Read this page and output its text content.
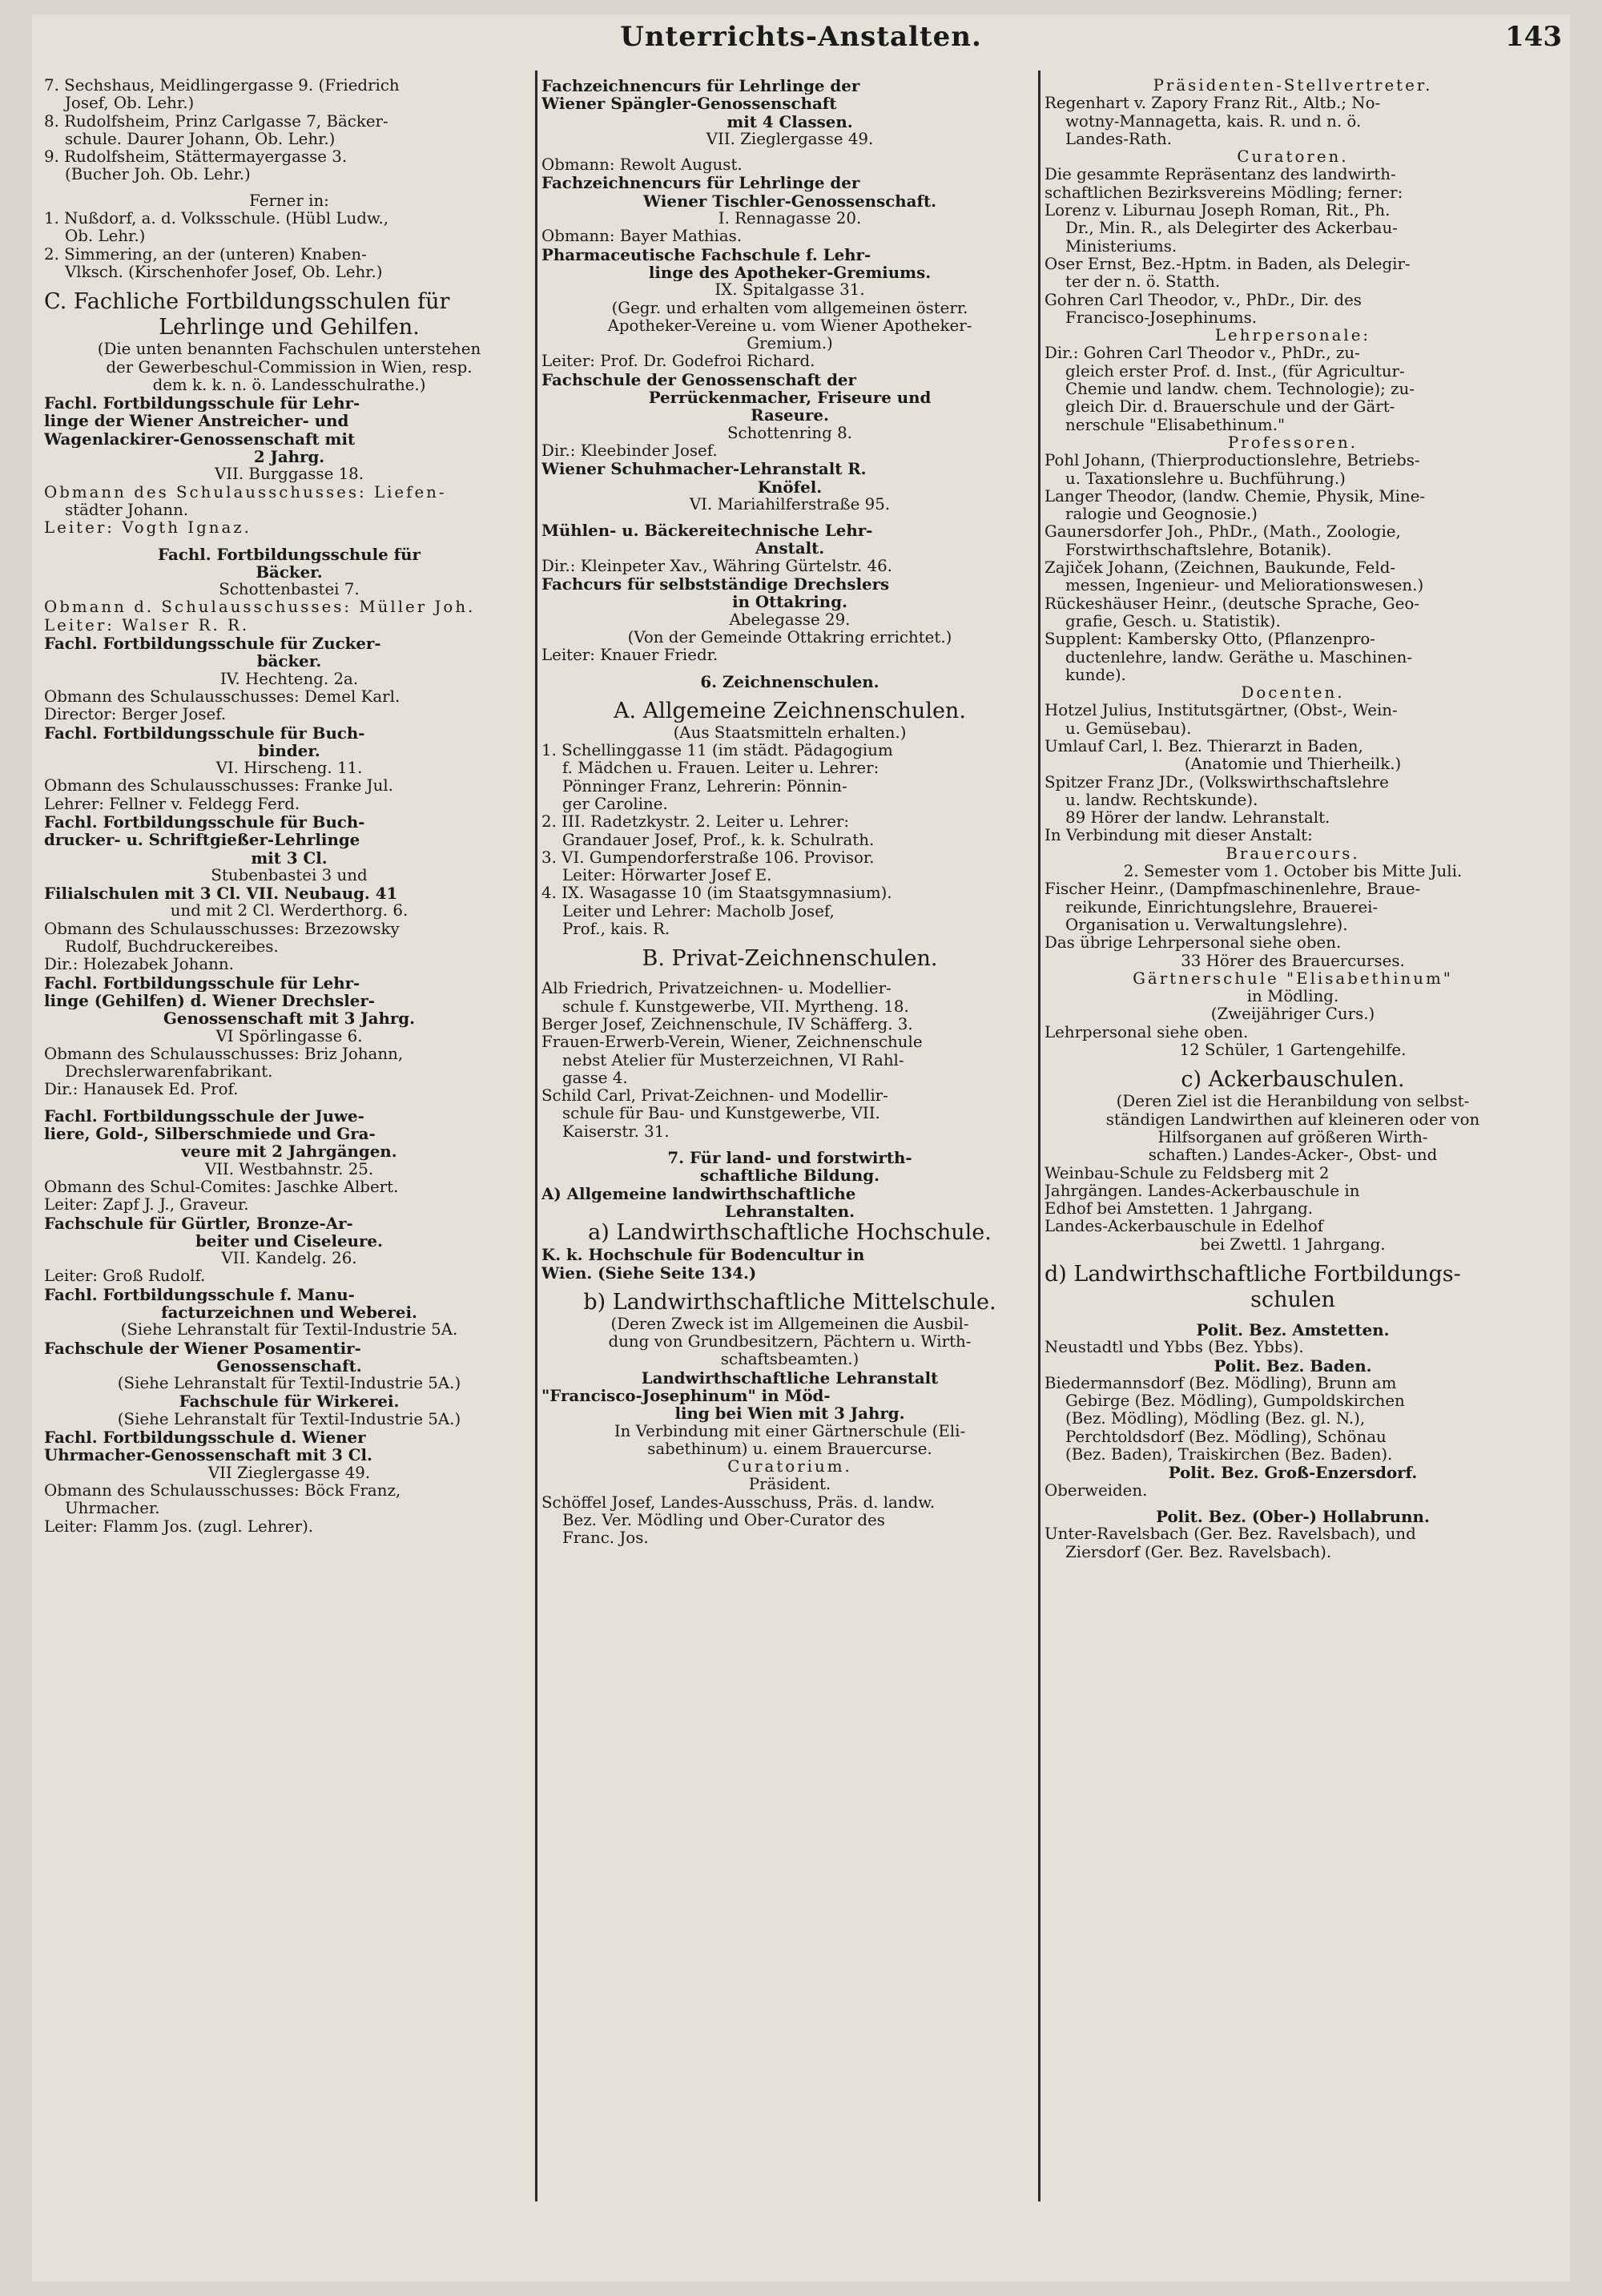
Unterrichts-Anstalten.	143
7. Sechshaus, Meidlingergasse 9. (Friedrich
Josef, Ob. Lehr.)
8. Rudolfsheim, Prinz Carlgasse 7, Bäcker-
schule. Daurer Johann, Ob. Lehr.)
9. Rudolfsheim, Stättermayergasse 3.
(Bucher Joh. Ob. Lehr.)
Ferner in:
1. Nußdorf, a. d. Volksschule. (Hübl Ludw.,
Ob. Lehr.)
2. Simmering, an der (unteren) Knaben-
Vlksch. (Kirschenhofer Josef, Ob. Lehr.)
C. Fachliche Fortbildungsschulen für
Lehrlinge und Gehilfen.
(Die unten benannten Fachschulen unterstehen
der Gewerbeschul-Commission in Wien, resp.
dem k. k. n. ö. Landesschulrathe.)
Fachl. Fortbildungsschule für Lehr-
linge der Wiener Anstreicher- und
Wagenlackirer-Genossenschaft mit
2 Jahrg.
VII. Burggasse 18.
Obmann des Schulausschusses: Liefen-
städter Johann.
Leiter: Vogth Ignaz.
Fachl. Fortbildungsschule für
Bäcker.
Schottenbastei 7.
Obmann d. Schulausschusses: Müller Joh.
Leiter: Walser R. R.
Fachl. Fortbildungsschule für Zucker-
bäcker.
IV. Hechteng. 2a.
Obmann des Schulausschusses: Demel Karl.
Director: Berger Josef.
Fachl. Fortbildungsschule für Buch-
binder.
VI. Hirscheng. 11.
Obmann des Schulausschusses: Franke Jul.
Lehrer: Fellner v. Feldegg Ferd.
Fachl. Fortbildungsschule für Buch-
drucker- u. Schriftgießer-Lehrlinge
mit 3 Cl.
Stubenbastei 3 und
Filialschulen mit 3 Cl. VII. Neubaug. 41
und mit 2 Cl. Werderthorg. 6.
Obmann des Schulausschusses: Brzezowsky
Rudolf, Buchdruckereibes.
Dir.: Holezabek Johann.
Fachl. Fortbildungsschule für Lehr-
linge (Gehilfen) d. Wiener Drechsler-
Genossenschaft mit 3 Jahrg.
VI Spörlingasse 6.
Obmann des Schulausschusses: Briz Johann,
Drechslerwarenfabrikant.
Dir.: Hanausek Ed. Prof.
Fachl. Fortbildungsschule der Juwe-
liere, Gold-, Silberschmiede und Gra-
veure mit 2 Jahrgängen.
VII. Westbahnstr. 25.
Obmann des Schul-Comites: Jaschke Albert.
Leiter: Zapf J. J., Graveur.
Fachschule für Gürtler, Bronze-Ar-
beiter und Ciseleure.
VII. Kandelg. 26.
Leiter: Groß Rudolf.
Fachl. Fortbildungsschule f. Manu-
facturzeichnen und Weberei.
(Siehe Lehranstalt für Textil-Industrie 5A.
Fachschule der Wiener Posamentir-
Genossenschaft.
(Siehe Lehranstalt für Textil-Industrie 5A.)
Fachschule für Wirkerei.
(Siehe Lehranstalt für Textil-Industrie 5A.)
Fachl. Fortbildungsschule d. Wiener
Uhrmacher-Genossenschaft mit 3 Cl.
VII Zieglergasse 49.
Obmann des Schulausschusses: Böck Franz,
Uhrmacher.
Leiter: Flamm Jos. (zugl. Lehrer).
Fachzeichnencurs für Lehrlinge der
Wiener Spängler-Genossenschaft
mit 4 Classen.
VII. Zieglergasse 49.
Obmann: Rewolt August.
Fachzeichnencurs für Lehrlinge der
Wiener Tischler-Genossenschaft.
I. Rennagasse 20.
Obmann: Bayer Mathias.
Pharmaceutische Fachschule f. Lehr-
linge des Apotheker-Gremiums.
IX. Spitalgasse 31.
(Gegr. und erhalten vom allgemeinen österr.
Apotheker-Vereine u. vom Wiener Apotheker-
Gremium.)
Leiter: Prof. Dr. Godefroi Richard.
Fachschule der Genossenschaft der
Perrückenmacher, Friseure und
Raseure.
Schottenring 8.
Dir.: Kleebinder Josef.
Wiener Schuhmacher-Lehranstalt R.
Knöfel.
VI. Mariahilferstraße 95.
Mühlen- u. Bäckereitechnische Lehr-
Anstalt.
Dir.: Kleinpeter Xav., Währing Gürtelstr. 46.
Fachcurs für selbstständige Drechslers
in Ottakring.
Abelegasse 29.
(Von der Gemeinde Ottakring errichtet.)
Leiter: Knauer Friedr.
6. Zeichnenschulen.
A. Allgemeine Zeichnenschulen.
(Aus Staatsmitteln erhalten.)
1. Schellinggasse 11 (im städt. Pädagogium
f. Mädchen u. Frauen. Leiter u. Lehrer:
Pönninger Franz, Lehrerin: Pönnin-
ger Caroline.
2. III. Radetzkystr. 2. Leiter u. Lehrer:
Grandauer Josef, Prof., k. k. Schulrath.
3. VI. Gumpendorferstraße 106. Provisor.
Leiter: Hörwarter Josef E.
4. IX. Wasagasse 10 (im Staatsgymnasium).
Leiter und Lehrer: Macholb Josef,
Prof., kais. R.
B. Privat-Zeichnenschulen.
Alb Friedrich, Privatzeichnen- u. Modellier-
schule f. Kunstgewerbe, VII. Myrtheng. 18.
Berger Josef, Zeichnenschule, IV Schäfferg. 3.
Frauen-Erwerb-Verein, Wiener, Zeichnenschule
nebst Atelier für Musterzeichnen, VI Rahl-
gasse 4.
Schild Carl, Privat-Zeichnen- und Modellir-
schule für Bau- und Kunstgewerbe, VII.
Kaiserstr. 31.
7. Für land- und forstwirth-
schaftliche Bildung.
A) Allgemeine landwirthschaftliche
Lehranstalten.
a) Landwirthschaftliche Hochschule.
K. k. Hochschule für Bodencultur in
Wien. (Siehe Seite 134.)
b) Landwirthschaftliche Mittelschule.
(Deren Zweck ist im Allgemeinen die Ausbil-
dung von Grundbesitzern, Pächtern u. Wirth-
schaftsbeamten.)
Landwirthschaftliche Lehranstalt
"Francisco-Josephinum" in Möd-
ling bei Wien mit 3 Jahrg.
In Verbindung mit einer Gärtnerschule (Eli-
sabethinum) u. einem Brauercurse.
Curatorium.
Präsident.
Schöffel Josef, Landes-Ausschuss, Präs. d. landw.
Bez. Ver. Mödling und Ober-Curator des
Franc. Jos.
Präsidenten-Stellvertreter.
Regenhart v. Zapory Franz Rit., Altb.; No-
wotny-Mannagetta, kais. R. und n. ö.
Landes-Rath.
Curatoren.
Die gesammte Repräsentanz des landwirth-
schaftlichen Bezirksvereins Mödling; ferner:
Lorenz v. Liburnau Joseph Roman, Rit., Ph.
Dr., Min. R., als Delegirter des Ackerbau-
Ministeriums.
Oser Ernst, Bez.-Hptm. in Baden, als Delegir-
ter der n. ö. Statth.
Gohren Carl Theodor, v., PhDr., Dir. des
Francisco-Josephinums.
Lehrpersonale:
Dir.: Gohren Carl Theodor v., PhDr., zu-
gleich erster Prof. d. Inst., (für Agricultur-
Chemie und landw. chem. Technologie); zu-
gleich Dir. d. Brauerschule und der Gärt-
nerschule "Elisabethinum."
Professoren.
Pohl Johann, (Thierproductionslehre, Betriebs-
u. Taxationslehre u. Buchführung.)
Langer Theodor, (landw. Chemie, Physik, Mine-
ralogie und Geognosie.)
Gaunersdorfer Joh., PhDr., (Math., Zoologie,
Forstwirthschaftslehre, Botanik).
Zajiček Johann, (Zeichnen, Baukunde, Feld-
messen, Ingenieur- und Meliorationswesen.)
Rückeshäuser Heinr., (deutsche Sprache, Geo-
grafie, Gesch. u. Statistik).
Supplent: Kambersky Otto, (Pflanzenpro-
ductenlehre, landw. Geräthe u. Maschinen-
kunde).
Docenten.
Hotzel Julius, Institutsgärtner, (Obst-, Wein-
u. Gemüsebau).
Umlauf Carl, l. Bez. Thierarzt in Baden,
(Anatomie und Thierheilk.)
Spitzer Franz JDr., (Volkswirthschaftslehre
u. landw. Rechtskunde).
89 Hörer der landw. Lehranstalt.
In Verbindung mit dieser Anstalt:
Brauercours.
2. Semester vom 1. October bis Mitte Juli.
Fischer Heinr., (Dampfmaschinenlehre, Braue-
reikunde, Einrichtungslehre, Brauerei-
Organisation u. Verwaltungslehre).
Das übrige Lehrpersonal siehe oben.
33 Hörer des Brauercurses.
Gärtnerschule "Elisabethinum"
in Mödling.
(Zweijähriger Curs.)
Lehrpersonal siehe oben.
12 Schüler, 1 Gartengehilfe.
c) Ackerbauschulen.
(Deren Ziel ist die Heranbildung von selbst-
ständigen Landwirthen auf kleineren oder von
Hilfsorganen auf größeren Wirth-
schaften.) Landes-Acker-, Obst- und
Weinbau-Schule zu Feldsberg mit 2
Jahrgängen. Landes-Ackerbauschule in
Edhof bei Amstetten. 1 Jahrgang.
Landes-Ackerbauschule in Edelhof
bei Zwettl. 1 Jahrgang.
d) Landwirthschaftliche Fortbildungs-
schulen
Polit. Bez. Amstetten.
Neustadtl und Ybbs (Bez. Ybbs).
Polit. Bez. Baden.
Biedermannsdorf (Bez. Mödling), Brunn am
Gebirge (Bez. Mödling), Gumpoldskirchen
(Bez. Mödling), Mödling (Bez. gl. N.),
Perchtoldsdorf (Bez. Mödling), Schönau
(Bez. Baden), Traiskirchen (Bez. Baden).
Polit. Bez. Groß-Enzersdorf.
Oberweiden.
Polit. Bez. (Ober-) Hollabrunn.
Unter-Ravelsbach (Ger. Bez. Ravelsbach), und
Ziersdorf (Ger. Bez. Ravelsbach).
